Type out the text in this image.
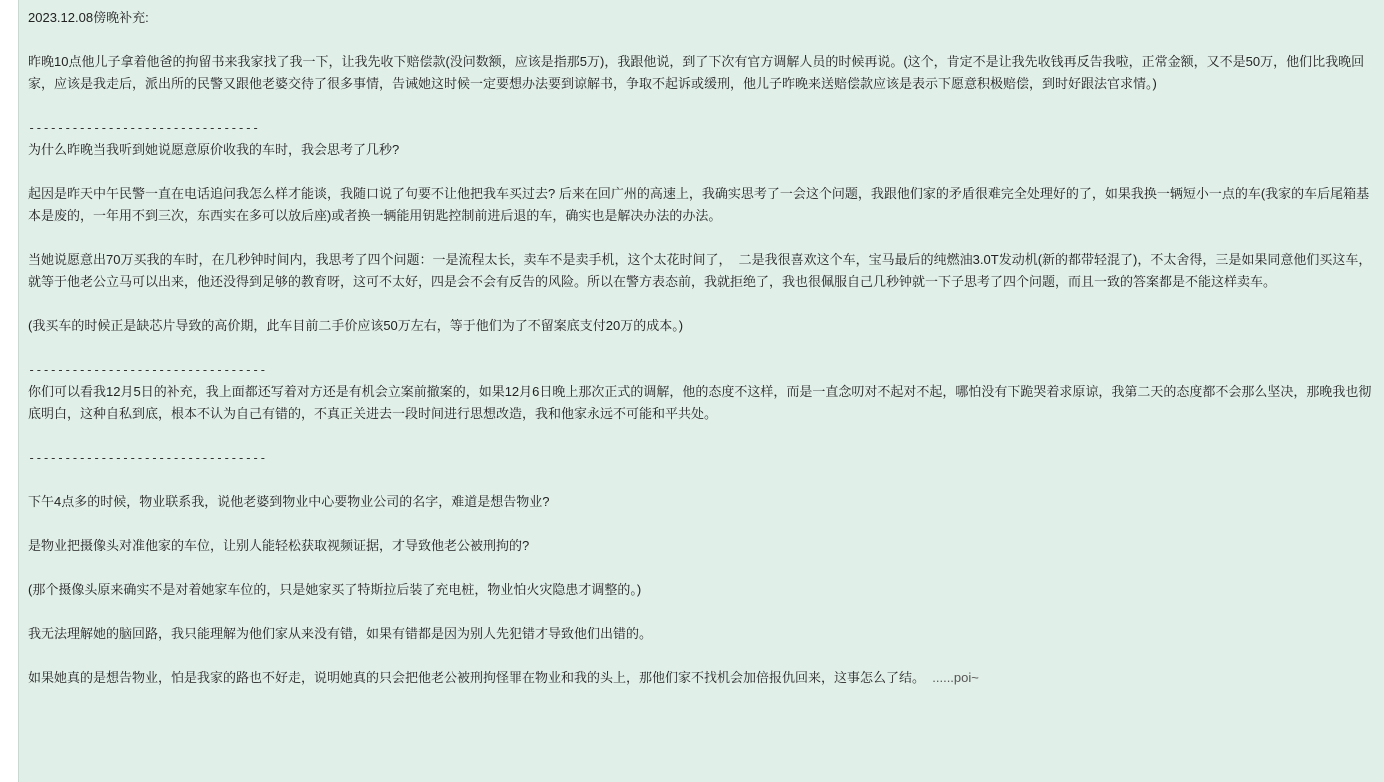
2023.12.08傍晚补充:

昨晚10点他儿子拿着他爸的拘留书来我家找了我一下，让我先收下赔偿款(没问数额，应该是指那5万)，我跟他说，到了下次有官方调解人员的时候再说。(这个，肯定不是让我先收钱再反告我啦，正常金额，又不是50万，他们比我晚回家，应该是我走后，派出所的民警又跟他老婆交待了很多事情，告诫她这时候一定要想办法要到谅解书，争取不起诉或缓刑，他儿子昨晚来送赔偿款应该是表示下愿意积极赔偿，到时好跟法官求情。)

--------------------------------

为什么昨晚当我听到她说愿意原价收我的车时，我会思考了几秒?

起因是昨天中午民警一直在电话追问我怎么样才能谈，我随口说了句要不让他把我车买过去? 后来在回广州的高速上，我确实思考了一会这个问题，我跟他们家的矛盾很难完全处理好的了，如果我换一辆短小一点的车(我家的车后尾箱基本是废的，一年用不到三次，东西实在多可以放后座)或者换一辆能用钥匙控制前进后退的车，确实也是解决办法的办法。

当她说愿意出70万买我的车时，在几秒钟时间内，我思考了四个问题：一是流程太长，卖车不是卖手机，这个太花时间了，  二是我很喜欢这个车，宝马最后的纯燃油3.0T发动机(新的都带轻混了)，不太舍得，三是如果同意他们买这车，就等于他老公立马可以出来，他还没得到足够的教育呀，这可不太好，四是会不会有反告的风险。所以在警方表态前，我就拒绝了，我也很佩服自己几秒钟就一下子思考了四个问题，而且一致的答案都是不能这样卖车。

(我买车的时候正是缺芯片导致的高价期，此车目前二手价应该50万左右，等于他们为了不留案底支付20万的成本。)

---------------------------------

你们可以看我12月5日的补充，我上面都还写着对方还是有机会立案前撤案的，如果12月6日晚上那次正式的调解，他的态度不这样，而是一直念叨对不起对不起，哪怕没有下跪哭着求原谅，我第二天的态度都不会那么坚决，那晚我也彻底明白，这种自私到底，根本不认为自己有错的，不真正关进去一段时间进行思想改造，我和他家永远不可能和平共处。

---------------------------------

下午4点多的时候，物业联系我，说他老婆到物业中心要物业公司的名字，难道是想告物业?

是物业把摄像头对准他家的车位，让别人能轻松获取视频证据，才导致他老公被刑拘的?

(那个摄像头原来确实不是对着她家车位的，只是她家买了特斯拉后装了充电桩，物业怕火灾隐患才调整的。)

我无法理解她的脑回路，我只能理解为他们家从来没有错，如果有错都是因为别人先犯错才导致他们出错的。

如果她真的是想告物业，怕是我家的路也不好走，说明她真的只会把他老公被刑拘怪罪在物业和我的头上，那他们家不找机会加倍报仇回来，这事怎么了结。 ......poi~
